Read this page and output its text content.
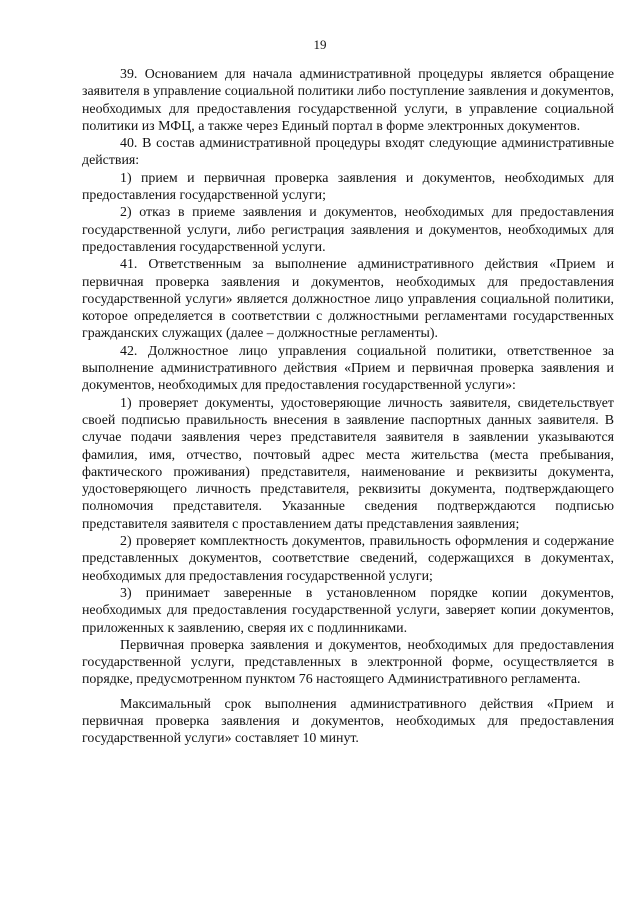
19

39. Основанием для начала административной процедуры является обращение заявителя в управление социальной политики либо поступление заявления и документов, необходимых для предоставления государственной услуги, в управление социальной политики из МФЦ, а также через Единый портал в форме электронных документов.

40. В состав административной процедуры входят следующие административные действия:

1) прием и первичная проверка заявления и документов, необходимых для предоставления государственной услуги;

2) отказ в приеме заявления и документов, необходимых для предоставления государственной услуги, либо регистрация заявления и документов, необходимых для предоставления государственной услуги.

41. Ответственным за выполнение административного действия «Прием и первичная проверка заявления и документов, необходимых для предоставления государственной услуги» является должностное лицо управления социальной политики, которое определяется в соответствии с должностными регламентами государственных гражданских служащих (далее – должностные регламенты).

42. Должностное лицо управления социальной политики, ответственное за выполнение административного действия «Прием и первичная проверка заявления и документов, необходимых для предоставления государственной услуги»:

1) проверяет документы, удостоверяющие личность заявителя, свидетельствует своей подписью правильность внесения в заявление паспортных данных заявителя. В случае подачи заявления через представителя заявителя в заявлении указываются фамилия, имя, отчество, почтовый адрес места жительства (места пребывания, фактического проживания) представителя, наименование и реквизиты документа, удостоверяющего личность представителя, реквизиты документа, подтверждающего полномочия представителя. Указанные сведения подтверждаются подписью представителя заявителя с проставлением даты представления заявления;

2) проверяет комплектность документов, правильность оформления и содержание представленных документов, соответствие сведений, содержащихся в документах, необходимых для предоставления государственной услуги;

3) принимает заверенные в установленном порядке копии документов, необходимых для предоставления государственной услуги, заверяет копии документов, приложенных к заявлению, сверяя их с подлинниками.

Первичная проверка заявления и документов, необходимых для предоставления государственной услуги, представленных в электронной форме, осуществляется в порядке, предусмотренном пунктом 76 настоящего Административного регламента.

Максимальный срок выполнения административного действия «Прием и первичная проверка заявления и документов, необходимых для предоставления государственной услуги» составляет 10 минут.
